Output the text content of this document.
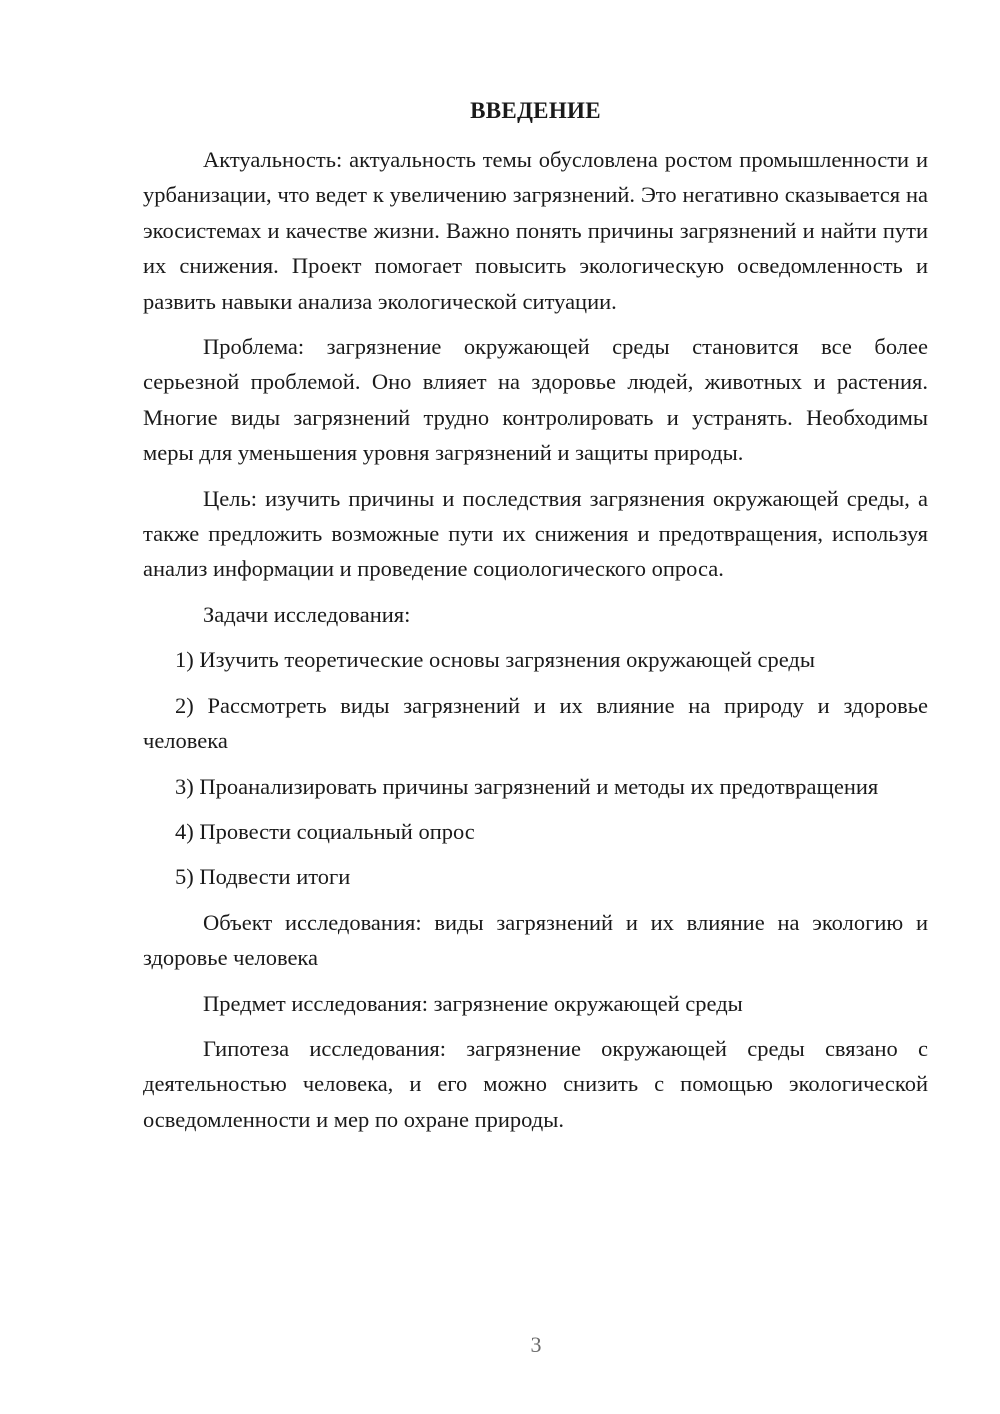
ВВЕДЕНИЕ

Актуальность: актуальность темы обусловлена ростом промышленности и урбанизации, что ведет к увеличению загрязнений. Это негативно сказывается на экосистемах и качестве жизни. Важно понять причины загрязнений и найти пути их снижения. Проект помогает повысить экологическую осведомленность и развить навыки анализа экологической ситуации.

Проблема: загрязнение окружающей среды становится все более серьезной проблемой. Оно влияет на здоровье людей, животных и растения. Многие виды загрязнений трудно контролировать и устранять. Необходимы меры для уменьшения уровня загрязнений и защиты природы.

Цель: изучить причины и последствия загрязнения окружающей среды, а также предложить возможные пути их снижения и предотвращения, используя анализ информации и проведение социологического опроса.

Задачи исследования:

1) Изучить теоретические основы загрязнения окружающей среды

2) Рассмотреть виды загрязнений и их влияние на природу и здоровье человека

3) Проанализировать причины загрязнений и методы их предотвращения

4) Провести социальный опрос

5) Подвести итоги

Объект исследования: виды загрязнений и их влияние на экологию и здоровье человека

Предмет исследования: загрязнение окружающей среды

Гипотеза исследования: загрязнение окружающей среды связано с деятельностью человека, и его можно снизить с помощью экологической осведомленности и мер по охране природы.

3
